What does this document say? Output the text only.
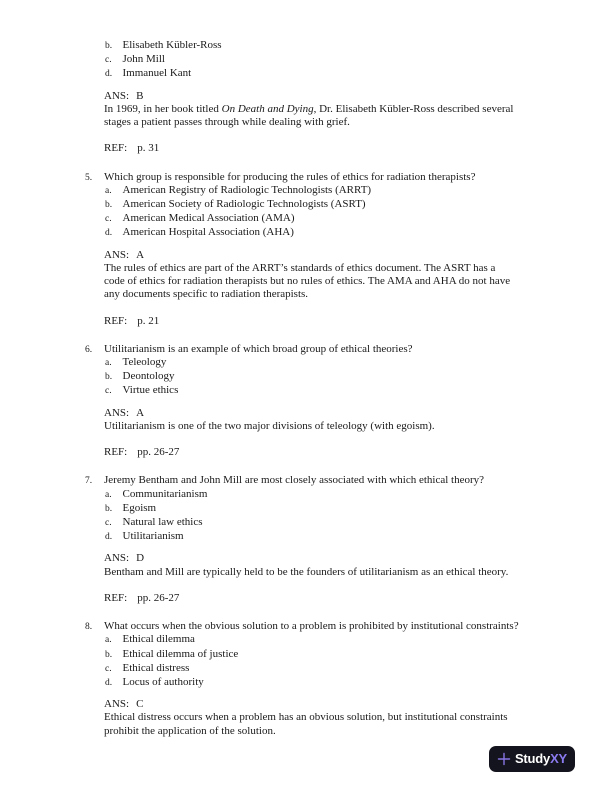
b. Elisabeth Kübler-Ross
c. John Mill
d. Immanuel Kant
ANS: B
In 1969, in her book titled On Death and Dying, Dr. Elisabeth Kübler-Ross described several
stages a patient passes through while dealing with grief.
REF: p. 31
5.	Which group is responsible for producing the rules of ethics for radiation therapists?
a. American Registry of Radiologic Technologists (ARRT)
b. American Society of Radiologic Technologists (ASRT)
c. American Medical Association (AMA)
d. American Hospital Association (AHA)
ANS: A
The rules of ethics are part of the ARRT’s standards of ethics document. The ASRT has a
code of ethics for radiation therapists but no rules of ethics. The AMA and AHA do not have
any documents specific to radiation therapists.
REF: p. 21
6.	Utilitarianism is an example of which broad group of ethical theories?
a. Teleology
b. Deontology
c. Virtue ethics
ANS: A
Utilitarianism is one of the two major divisions of teleology (with egoism).
REF: pp. 26-27
7.	Jeremy Bentham and John Mill are most closely associated with which ethical theory?
a. Communitarianism
b. Egoism
c. Natural law ethics
d. Utilitarianism
ANS: D
Bentham and Mill are typically held to be the founders of utilitarianism as an ethical theory.
REF: pp. 26-27
8.	What occurs when the obvious solution to a problem is prohibited by institutional constraints?
a. Ethical dilemma
b. Ethical dilemma of justice
c. Ethical distress
d. Locus of authority
ANS: C
Ethical distress occurs when a problem has an obvious solution, but institutional constraints
prohibit the application of the solution.
Study XY
